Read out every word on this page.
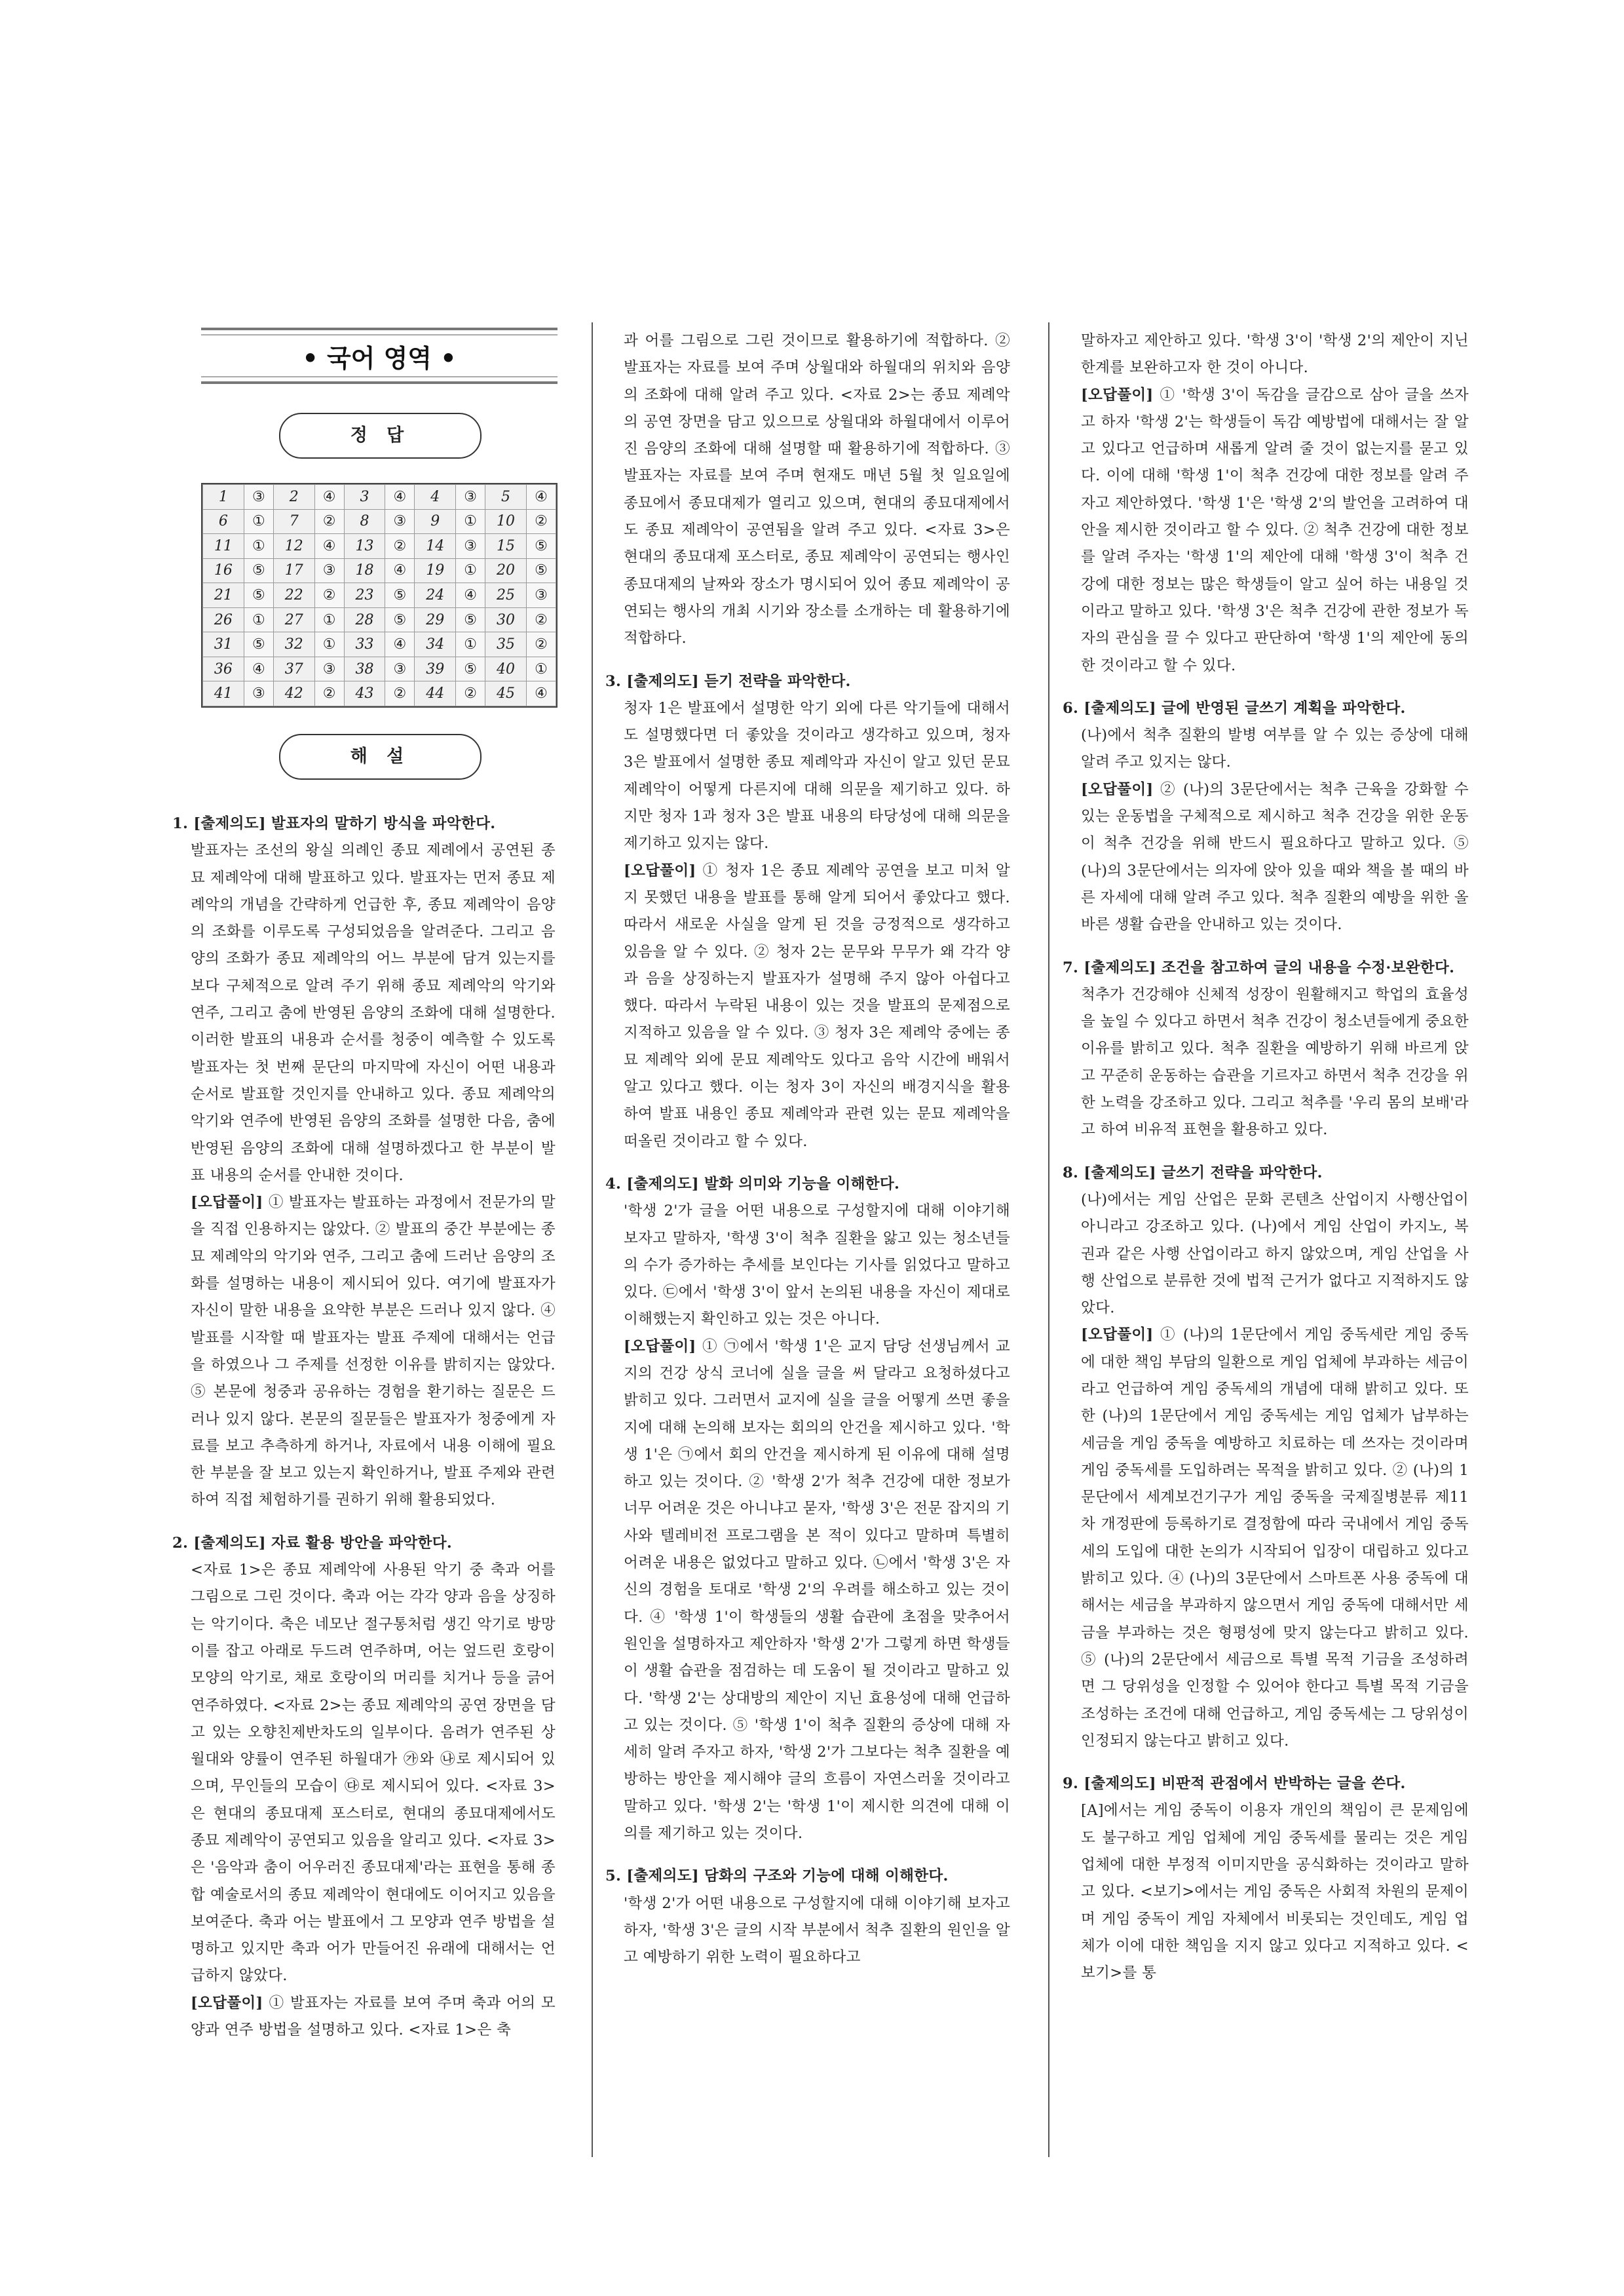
• 국어 영역 •
정 답
1	③	2	④	3	④	4	③	5	④
6	①	7	②	8	③	9	①	10	②
11	①	12	④	13	②	14	③	15	⑤
16	⑤	17	③	18	④	19	①	20	⑤
21	⑤	22	②	23	⑤	24	④	25	③
26	①	27	①	28	⑤	29	⑤	30	②
31	⑤	32	①	33	④	34	①	35	②
36	④	37	③	38	③	39	⑤	40	①
41	③	42	②	43	②	44	②	45	④
해 설
1. [출제의도] 발표자의 말하기 방식을 파악한다.
발표자는 조선의 왕실 의례인 종묘 제례에서 공연된 종묘 제례악에 대해 발표하고 있다. 발표자는 먼저 종묘 제례악의 개념을 간략하게 언급한 후, 종묘 제례악이 음양의 조화를 이루도록 구성되었음을 알려준다. 그리고 음양의 조화가 종묘 제례악의 어느 부분에 담겨 있는지를 보다 구체적으로 알려 주기 위해 종묘 제례악의 악기와 연주, 그리고 춤에 반영된 음양의 조화에 대해 설명한다. 이러한 발표의 내용과 순서를 청중이 예측할 수 있도록 발표자는 첫 번째 문단의 마지막에 자신이 어떤 내용과 순서로 발표할 것인지를 안내하고 있다. 종묘 제례악의 악기와 연주에 반영된 음양의 조화를 설명한 다음, 춤에 반영된 음양의 조화에 대해 설명하겠다고 한 부분이 발표 내용의 순서를 안내한 것이다.
[오답풀이] ① 발표자는 발표하는 과정에서 전문가의 말을 직접 인용하지는 않았다. ② 발표의 중간 부분에는 종묘 제례악의 악기와 연주, 그리고 춤에 드러난 음양의 조화를 설명하는 내용이 제시되어 있다. 여기에 발표자가 자신이 말한 내용을 요약한 부분은 드러나 있지 않다. ④ 발표를 시작할 때 발표자는 발표 주제에 대해서는 언급을 하였으나 그 주제를 선정한 이유를 밝히지는 않았다. ⑤ 본문에 청중과 공유하는 경험을 환기하는 질문은 드러나 있지 않다. 본문의 질문들은 발표자가 청중에게 자료를 보고 추측하게 하거나, 자료에서 내용 이해에 필요한 부분을 잘 보고 있는지 확인하거나, 발표 주제와 관련하여 직접 체험하기를 권하기 위해 활용되었다.
2. [출제의도] 자료 활용 방안을 파악한다.
<자료 1>은 종묘 제례악에 사용된 악기 중 축과 어를 그림으로 그린 것이다. 축과 어는 각각 양과 음을 상징하는 악기이다. 축은 네모난 절구통처럼 생긴 악기로 방망이를 잡고 아래로 두드려 연주하며, 어는 엎드린 호랑이 모양의 악기로, 채로 호랑이의 머리를 치거나 등을 긁어 연주하였다. <자료 2>는 종묘 제례악의 공연 장면을 담고 있는 오향친제반차도의 일부이다. 음려가 연주된 상월대와 양률이 연주된 하월대가 ㉮와 ㉯로 제시되어 있으며, 무인들의 모습이 ㉰로 제시되어 있다. <자료 3>은 현대의 종묘대제 포스터로, 현대의 종묘대제에서도 종묘 제례악이 공연되고 있음을 알리고 있다. <자료 3>은 '음악과 춤이 어우러진 종묘대제'라는 표현을 통해 종합 예술로서의 종묘 제례악이 현대에도 이어지고 있음을 보여준다. 축과 어는 발표에서 그 모양과 연주 방법을 설명하고 있지만 축과 어가 만들어진 유래에 대해서는 언급하지 않았다.
[오답풀이] ① 발표자는 자료를 보여 주며 축과 어의 모양과 연주 방법을 설명하고 있다. <자료 1>은 축
과 어를 그림으로 그린 것이므로 활용하기에 적합하다. ② 발표자는 자료를 보여 주며 상월대와 하월대의 위치와 음양의 조화에 대해 알려 주고 있다. <자료 2>는 종묘 제례악의 공연 장면을 담고 있으므로 상월대와 하월대에서 이루어진 음양의 조화에 대해 설명할 때 활용하기에 적합하다. ③ 발표자는 자료를 보여 주며 현재도 매년 5월 첫 일요일에 종묘에서 종묘대제가 열리고 있으며, 현대의 종묘대제에서도 종묘 제례악이 공연됨을 알려 주고 있다. <자료 3>은 현대의 종묘대제 포스터로, 종묘 제례악이 공연되는 행사인 종묘대제의 날짜와 장소가 명시되어 있어 종묘 제례악이 공연되는 행사의 개최 시기와 장소를 소개하는 데 활용하기에 적합하다.
3. [출제의도] 듣기 전략을 파악한다.
청자 1은 발표에서 설명한 악기 외에 다른 악기들에 대해서도 설명했다면 더 좋았을 것이라고 생각하고 있으며, 청자 3은 발표에서 설명한 종묘 제례악과 자신이 알고 있던 문묘 제례악이 어떻게 다른지에 대해 의문을 제기하고 있다. 하지만 청자 1과 청자 3은 발표 내용의 타당성에 대해 의문을 제기하고 있지는 않다.
[오답풀이] ① 청자 1은 종묘 제례악 공연을 보고 미처 알지 못했던 내용을 발표를 통해 알게 되어서 좋았다고 했다. 따라서 새로운 사실을 알게 된 것을 긍정적으로 생각하고 있음을 알 수 있다. ② 청자 2는 문무와 무무가 왜 각각 양과 음을 상징하는지 발표자가 설명해 주지 않아 아쉽다고 했다. 따라서 누락된 내용이 있는 것을 발표의 문제점으로 지적하고 있음을 알 수 있다. ③ 청자 3은 제례악 중에는 종묘 제례악 외에 문묘 제례악도 있다고 음악 시간에 배워서 알고 있다고 했다. 이는 청자 3이 자신의 배경지식을 활용하여 발표 내용인 종묘 제례악과 관련 있는 문묘 제례악을 떠올린 것이라고 할 수 있다.
4. [출제의도] 발화 의미와 기능을 이해한다.
'학생 2'가 글을 어떤 내용으로 구성할지에 대해 이야기해 보자고 말하자, '학생 3'이 척추 질환을 앓고 있는 청소년들의 수가 증가하는 추세를 보인다는 기사를 읽었다고 말하고 있다. ㉢에서 '학생 3'이 앞서 논의된 내용을 자신이 제대로 이해했는지 확인하고 있는 것은 아니다.
[오답풀이] ① ㉠에서 '학생 1'은 교지 담당 선생님께서 교지의 건강 상식 코너에 실을 글을 써 달라고 요청하셨다고 밝히고 있다. 그러면서 교지에 실을 글을 어떻게 쓰면 좋을지에 대해 논의해 보자는 회의의 안건을 제시하고 있다. '학생 1'은 ㉠에서 회의 안건을 제시하게 된 이유에 대해 설명하고 있는 것이다. ② '학생 2'가 척추 건강에 대한 정보가 너무 어려운 것은 아니냐고 묻자, '학생 3'은 전문 잡지의 기사와 텔레비전 프로그램을 본 적이 있다고 말하며 특별히 어려운 내용은 없었다고 말하고 있다. ㉡에서 '학생 3'은 자신의 경험을 토대로 '학생 2'의 우려를 해소하고 있는 것이다. ④ '학생 1'이 학생들의 생활 습관에 초점을 맞추어서 원인을 설명하자고 제안하자 '학생 2'가 그렇게 하면 학생들이 생활 습관을 점검하는 데 도움이 될 것이라고 말하고 있다. '학생 2'는 상대방의 제안이 지닌 효용성에 대해 언급하고 있는 것이다. ⑤ '학생 1'이 척추 질환의 증상에 대해 자세히 알려 주자고 하자, '학생 2'가 그보다는 척추 질환을 예방하는 방안을 제시해야 글의 흐름이 자연스러울 것이라고 말하고 있다. '학생 2'는 '학생 1'이 제시한 의견에 대해 이의를 제기하고 있는 것이다.
5. [출제의도] 담화의 구조와 기능에 대해 이해한다.
'학생 2'가 어떤 내용으로 구성할지에 대해 이야기해 보자고 하자, '학생 3'은 글의 시작 부분에서 척추 질환의 원인을 알고 예방하기 위한 노력이 필요하다고
말하자고 제안하고 있다. '학생 3'이 '학생 2'의 제안이 지닌 한계를 보완하고자 한 것이 아니다.
[오답풀이] ① '학생 3'이 독감을 글감으로 삼아 글을 쓰자고 하자 '학생 2'는 학생들이 독감 예방법에 대해서는 잘 알고 있다고 언급하며 새롭게 알려 줄 것이 없는지를 묻고 있다. 이에 대해 '학생 1'이 척추 건강에 대한 정보를 알려 주자고 제안하였다. '학생 1'은 '학생 2'의 발언을 고려하여 대안을 제시한 것이라고 할 수 있다. ② 척추 건강에 대한 정보를 알려 주자는 '학생 1'의 제안에 대해 '학생 3'이 척추 건강에 대한 정보는 많은 학생들이 알고 싶어 하는 내용일 것이라고 말하고 있다. '학생 3'은 척추 건강에 관한 정보가 독자의 관심을 끌 수 있다고 판단하여 '학생 1'의 제안에 동의한 것이라고 할 수 있다.
6. [출제의도] 글에 반영된 글쓰기 계획을 파악한다.
(나)에서 척추 질환의 발병 여부를 알 수 있는 증상에 대해 알려 주고 있지는 않다.
[오답풀이] ② (나)의 3문단에서는 척추 근육을 강화할 수 있는 운동법을 구체적으로 제시하고 척추 건강을 위한 운동이 척추 건강을 위해 반드시 필요하다고 말하고 있다. ⑤ (나)의 3문단에서는 의자에 앉아 있을 때와 책을 볼 때의 바른 자세에 대해 알려 주고 있다. 척추 질환의 예방을 위한 올바른 생활 습관을 안내하고 있는 것이다.
7. [출제의도] 조건을 참고하여 글의 내용을 수정·보완한다.
척추가 건강해야 신체적 성장이 원활해지고 학업의 효율성을 높일 수 있다고 하면서 척추 건강이 청소년들에게 중요한 이유를 밝히고 있다. 척추 질환을 예방하기 위해 바르게 앉고 꾸준히 운동하는 습관을 기르자고 하면서 척추 건강을 위한 노력을 강조하고 있다. 그리고 척추를 '우리 몸의 보배'라고 하여 비유적 표현을 활용하고 있다.
8. [출제의도] 글쓰기 전략을 파악한다.
(나)에서는 게임 산업은 문화 콘텐츠 산업이지 사행산업이 아니라고 강조하고 있다. (나)에서 게임 산업이 카지노, 복권과 같은 사행 산업이라고 하지 않았으며, 게임 산업을 사행 산업으로 분류한 것에 법적 근거가 없다고 지적하지도 않았다.
[오답풀이] ① (나)의 1문단에서 게임 중독세란 게임 중독에 대한 책임 부담의 일환으로 게임 업체에 부과하는 세금이라고 언급하여 게임 중독세의 개념에 대해 밝히고 있다. 또한 (나)의 1문단에서 게임 중독세는 게임 업체가 납부하는 세금을 게임 중독을 예방하고 치료하는 데 쓰자는 것이라며 게임 중독세를 도입하려는 목적을 밝히고 있다. ② (나)의 1문단에서 세계보건기구가 게임 중독을 국제질병분류 제11차 개정판에 등록하기로 결정함에 따라 국내에서 게임 중독세의 도입에 대한 논의가 시작되어 입장이 대립하고 있다고 밝히고 있다. ④ (나)의 3문단에서 스마트폰 사용 중독에 대해서는 세금을 부과하지 않으면서 게임 중독에 대해서만 세금을 부과하는 것은 형평성에 맞지 않는다고 밝히고 있다. ⑤ (나)의 2문단에서 세금으로 특별 목적 기금을 조성하려면 그 당위성을 인정할 수 있어야 한다고 특별 목적 기금을 조성하는 조건에 대해 언급하고, 게임 중독세는 그 당위성이 인정되지 않는다고 밝히고 있다.
9. [출제의도] 비판적 관점에서 반박하는 글을 쓴다.
[A]에서는 게임 중독이 이용자 개인의 책임이 큰 문제임에도 불구하고 게임 업체에 게임 중독세를 물리는 것은 게임 업체에 대한 부정적 이미지만을 공식화하는 것이라고 말하고 있다. <보기>에서는 게임 중독은 사회적 차원의 문제이며 게임 중독이 게임 자체에서 비롯되는 것인데도, 게임 업체가 이에 대한 책임을 지지 않고 있다고 지적하고 있다. <보기>를 통
